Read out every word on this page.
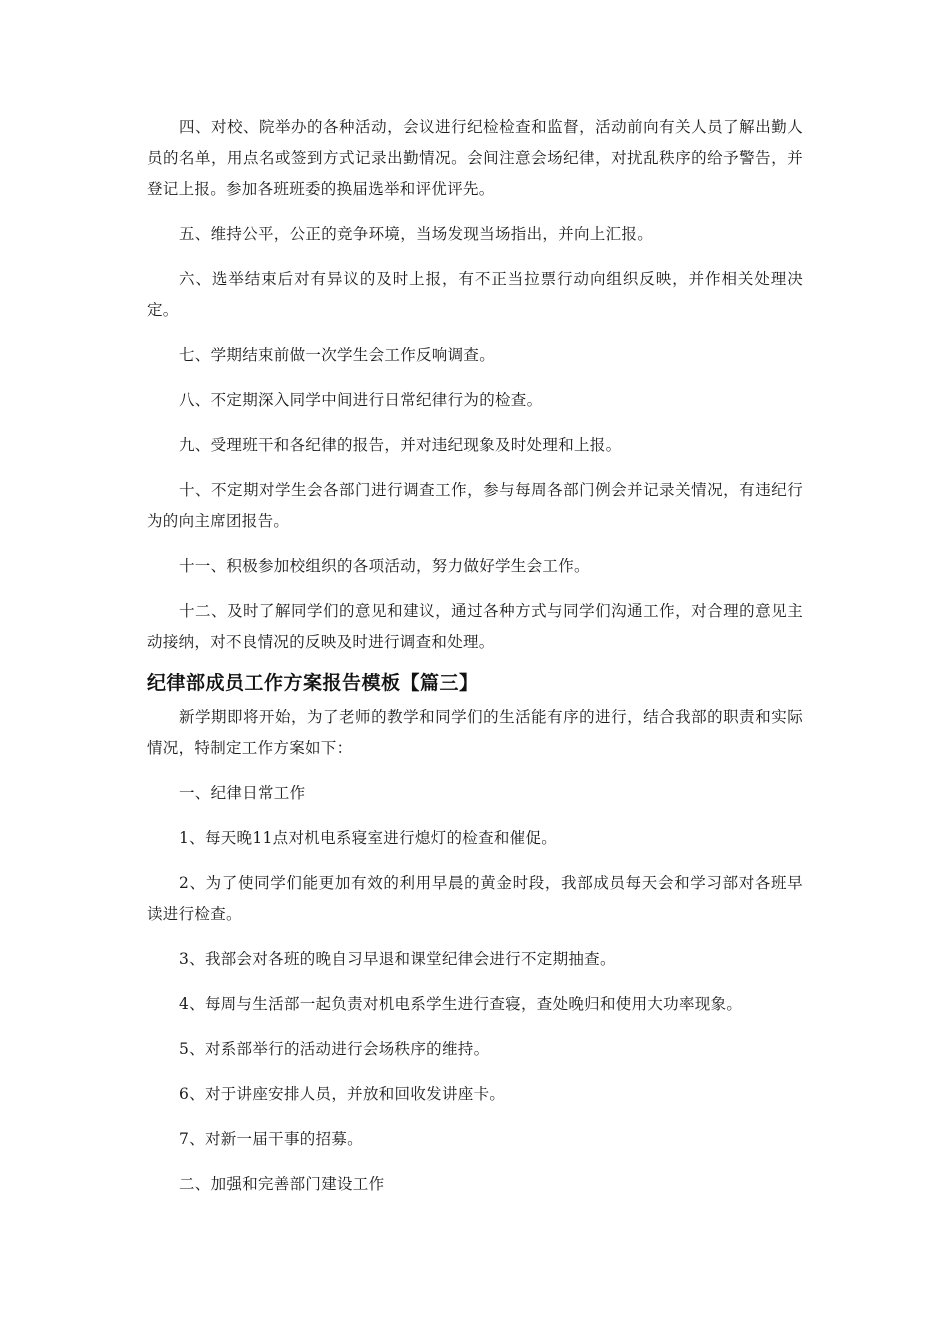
四、对校、院举办的各种活动，会议进行纪检检查和监督，活动前向有关人员了解出勤人员的名单，用点名或签到方式记录出勤情况。会间注意会场纪律，对扰乱秩序的给予警告，并登记上报。参加各班班委的换届选举和评优评先。

五、维持公平，公正的竞争环境，当场发现当场指出，并向上汇报。

六、选举结束后对有异议的及时上报，有不正当拉票行动向组织反映，并作相关处理决定。

七、学期结束前做一次学生会工作反响调查。

八、不定期深入同学中间进行日常纪律行为的检查。

九、受理班干和各纪律的报告，并对违纪现象及时处理和上报。

十、不定期对学生会各部门进行调查工作，参与每周各部门例会并记录关情况，有违纪行为的向主席团报告。

十一、积极参加校组织的各项活动，努力做好学生会工作。

十二、及时了解同学们的意见和建议，通过各种方式与同学们沟通工作，对合理的意见主动接纳，对不良情况的反映及时进行调查和处理。

纪律部成员工作方案报告模板【篇三】

新学期即将开始，为了老师的教学和同学们的生活能有序的进行，结合我部的职责和实际情况，特制定工作方案如下：

一、纪律日常工作

1、每天晚11点对机电系寝室进行熄灯的检查和催促。

2、为了使同学们能更加有效的利用早晨的黄金时段，我部成员每天会和学习部对各班早读进行检查。

3、我部会对各班的晚自习早退和课堂纪律会进行不定期抽查。

4、每周与生活部一起负责对机电系学生进行查寝，查处晚归和使用大功率现象。

5、对系部举行的活动进行会场秩序的维持。

6、对于讲座安排人员，并放和回收发讲座卡。

7、对新一届干事的招募。

二、加强和完善部门建设工作
